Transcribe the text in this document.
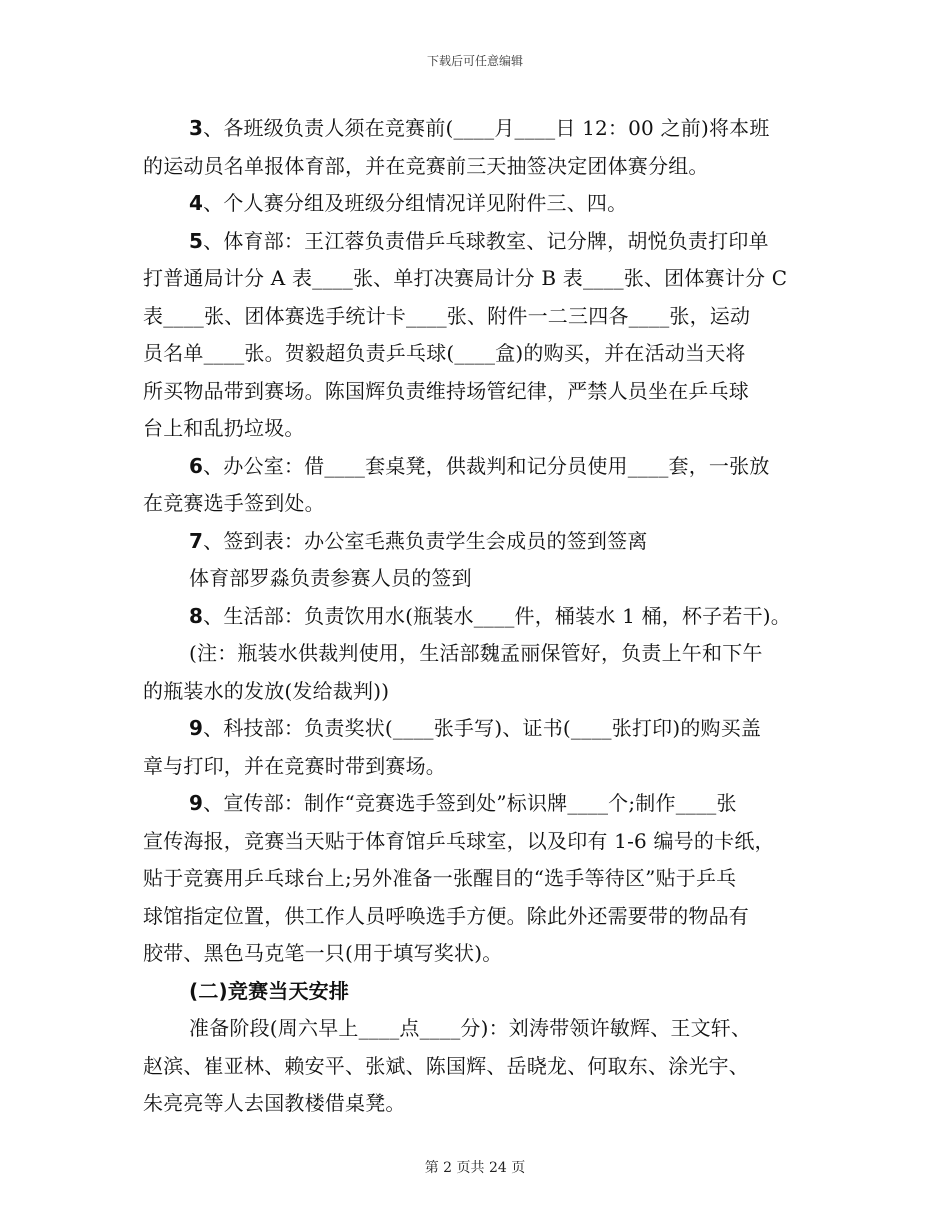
下载后可任意编辑
3、各班级负责人须在竞赛前(____月____日 12：00 之前)将本班
的运动员名单报体育部，并在竞赛前三天抽签决定团体赛分组。
4、个人赛分组及班级分组情况详见附件三、四。
5、体育部：王江蓉负责借乒乓球教室、记分牌，胡悦负责打印单
打普通局计分 A 表____张、单打决赛局计分 B 表____张、团体赛计分 C
表____张、团体赛选手统计卡____张、附件一二三四各____张，运动
员名单____张。贺毅超负责乒乓球(____盒)的购买，并在活动当天将
所买物品带到赛场。陈国辉负责维持场管纪律，严禁人员坐在乒乓球
台上和乱扔垃圾。
6、办公室：借____套桌凳，供裁判和记分员使用____套，一张放
在竞赛选手签到处。
7、签到表：办公室毛燕负责学生会成员的签到签离
体育部罗淼负责参赛人员的签到
8、生活部：负责饮用水(瓶装水____件，桶装水 1 桶，杯子若干)。
(注：瓶装水供裁判使用，生活部魏孟丽保管好，负责上午和下午
的瓶装水的发放(发给裁判))
9、科技部：负责奖状(____张手写)、证书(____张打印)的购买盖
章与打印，并在竞赛时带到赛场。
9、宣传部：制作“竞赛选手签到处”标识牌____个;制作____张
宣传海报，竞赛当天贴于体育馆乒乓球室，以及印有 1-6 编号的卡纸，
贴于竞赛用乒乓球台上;另外准备一张醒目的“选手等待区”贴于乒乓
球馆指定位置，供工作人员呼唤选手方便。除此外还需要带的物品有
胶带、黑色马克笔一只(用于填写奖状)。
(二)竞赛当天安排
准备阶段(周六早上____点____分)：刘涛带领许敏辉、王文轩、
赵滨、崔亚林、赖安平、张斌、陈国辉、岳晓龙、何取东、涂光宇、
朱亮亮等人去国教楼借桌凳。
第 2 页共 24 页
